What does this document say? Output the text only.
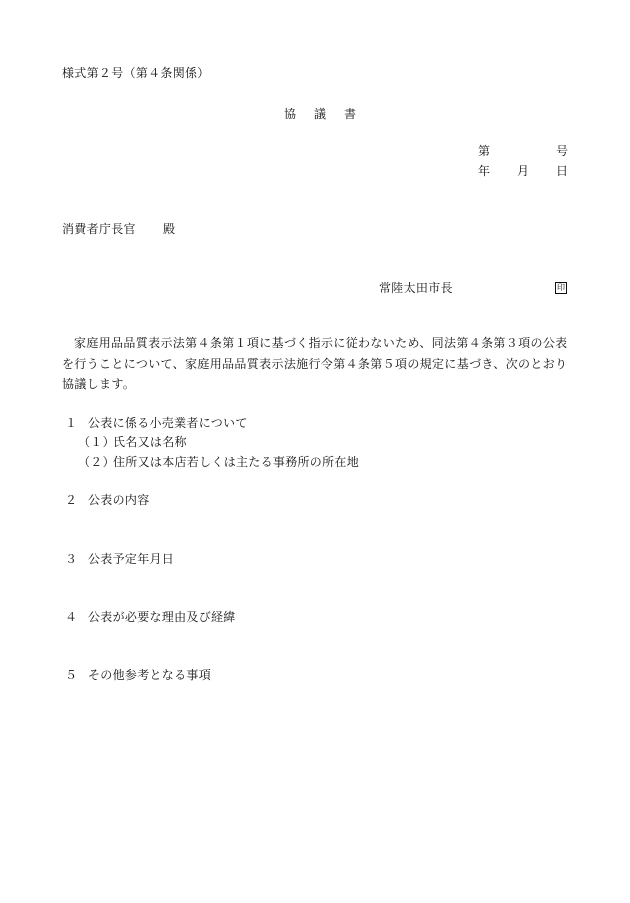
様式第２号（第４条関係）
協　議　書
第	号
年 月 日
消費者庁長官 殿
常陸太田市長	印
家庭用品品質表示法第４条第１項に基づく指示に従わないため、同法第４条第３項の公表を行うことについて、家庭用品品質表示法施行令第４条第５項の規定に基づき、次のとおり協議します。
１ 公表に係る小売業者について
（１）
氏名又は名称
（２）
住所又は本店若しくは主たる事務所の所在地
２ 公表の内容
３ 公表予定年月日
４ 公表が必要な理由及び経緯
５ その他参考となる事項
